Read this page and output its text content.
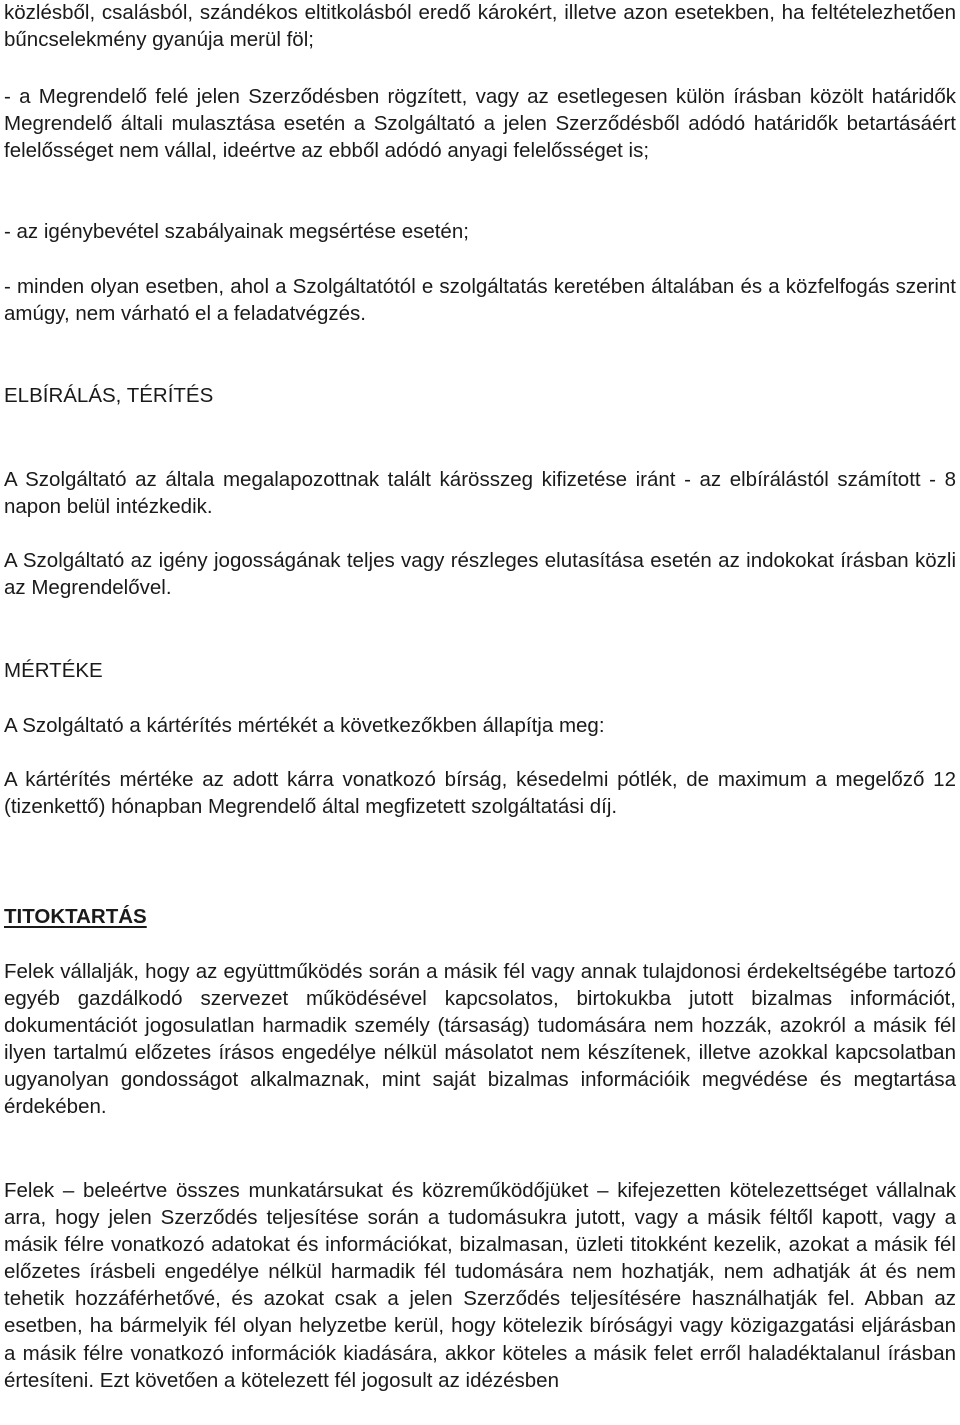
közlésből, csalásból, szándékos eltitkolásból eredő károkért, illetve azon esetekben, ha feltételezhetően bűncselekmény gyanúja merül föl;
- a Megrendelő felé jelen Szerződésben rögzített, vagy az esetlegesen külön írásban közölt határidők Megrendelő általi mulasztása esetén a Szolgáltató a jelen Szerződésből adódó határidők betartásáért felelősséget nem vállal, ideértve az ebből adódó anyagi felelősséget is;
- az igénybevétel szabályainak megsértése esetén;
- minden olyan esetben, ahol a Szolgáltatótól e szolgáltatás keretében általában és a közfelfogás szerint amúgy, nem várható el a feladatvégzés.
ELBÍRÁLÁS, TÉRÍTÉS
A Szolgáltató az általa megalapozottnak talált kárösszeg kifizetése iránt - az elbírálástól számított - 8 napon belül intézkedik.
A Szolgáltató az igény jogosságának teljes vagy részleges elutasítása esetén az indokokat írásban közli az Megrendelővel.
MÉRTÉKE
A Szolgáltató a kártérítés mértékét a következőkben állapítja meg:
A kártérítés mértéke az adott kárra vonatkozó bírság, késedelmi pótlék, de maximum a megelőző 12 (tizenkettő) hónapban Megrendelő által megfizetett szolgáltatási díj.
TITOKTARTÁS
Felek vállalják, hogy az együttműködés során a másik fél vagy annak tulajdonosi érdekeltségébe tartozó egyéb gazdálkodó szervezet működésével kapcsolatos, birtokukba jutott bizalmas információt, dokumentációt jogosulatlan harmadik személy (társaság) tudomására nem hozzák, azokról a másik fél ilyen tartalmú előzetes írásos engedélye nélkül másolatot nem készítenek, illetve azokkal kapcsolatban ugyanolyan gondosságot alkalmaznak, mint saját bizalmas információik megvédése és megtartása érdekében.
Felek – beleértve összes munkatársukat és közreműködőjüket – kifejezetten kötelezettséget vállalnak arra, hogy jelen Szerződés teljesítése során a tudomásukra jutott, vagy a másik féltől kapott, vagy a másik félre vonatkozó adatokat és információkat, bizalmasan, üzleti titokként kezelik, azokat a másik fél előzetes írásbeli engedélye nélkül harmadik fél tudomására nem hozhatják, nem adhatják át és nem tehetik hozzáférhetővé, és azokat csak a jelen Szerződés teljesítésére használhatják fel. Abban az esetben, ha bármelyik fél olyan helyzetbe kerül, hogy kötelezik bíróságyi vagy közigazgatási eljárásban a másik félre vonatkozó információk kiadására, akkor köteles a másik felet erről haladéktalanul írásban értesíteni. Ezt követően a kötelezett fél jogosult az idézésben
